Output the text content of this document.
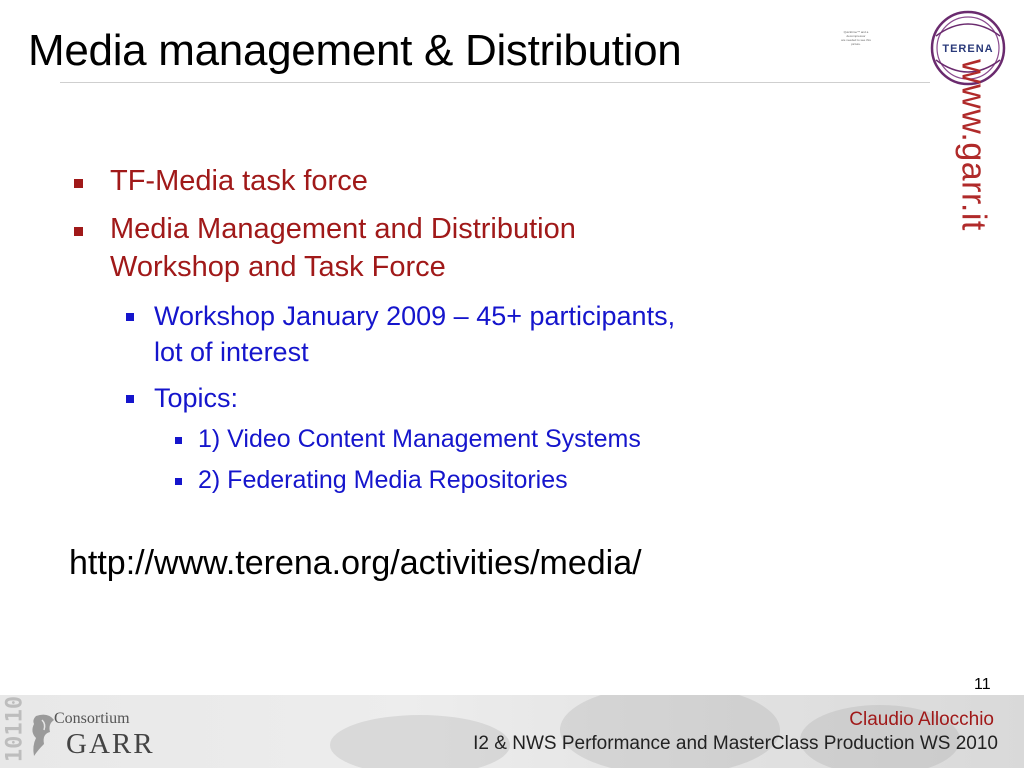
Media management & Distribution	Quicktime™ and a
decompressor
are needed to see this picture.	TERENA
www.garr.it
TF-Media task force
Media Management and Distribution
Workshop and Task Force
Workshop January 2009 – 45+ participants,
lot of interest
Topics:
1) Video Content Management Systems
2) Federating Media Repositories
http://www.terena.org/activities/media/
11
10110 Consortium
GARR
Claudio Allocchio
I2 & NWS Performance and MasterClass Production WS 2010
